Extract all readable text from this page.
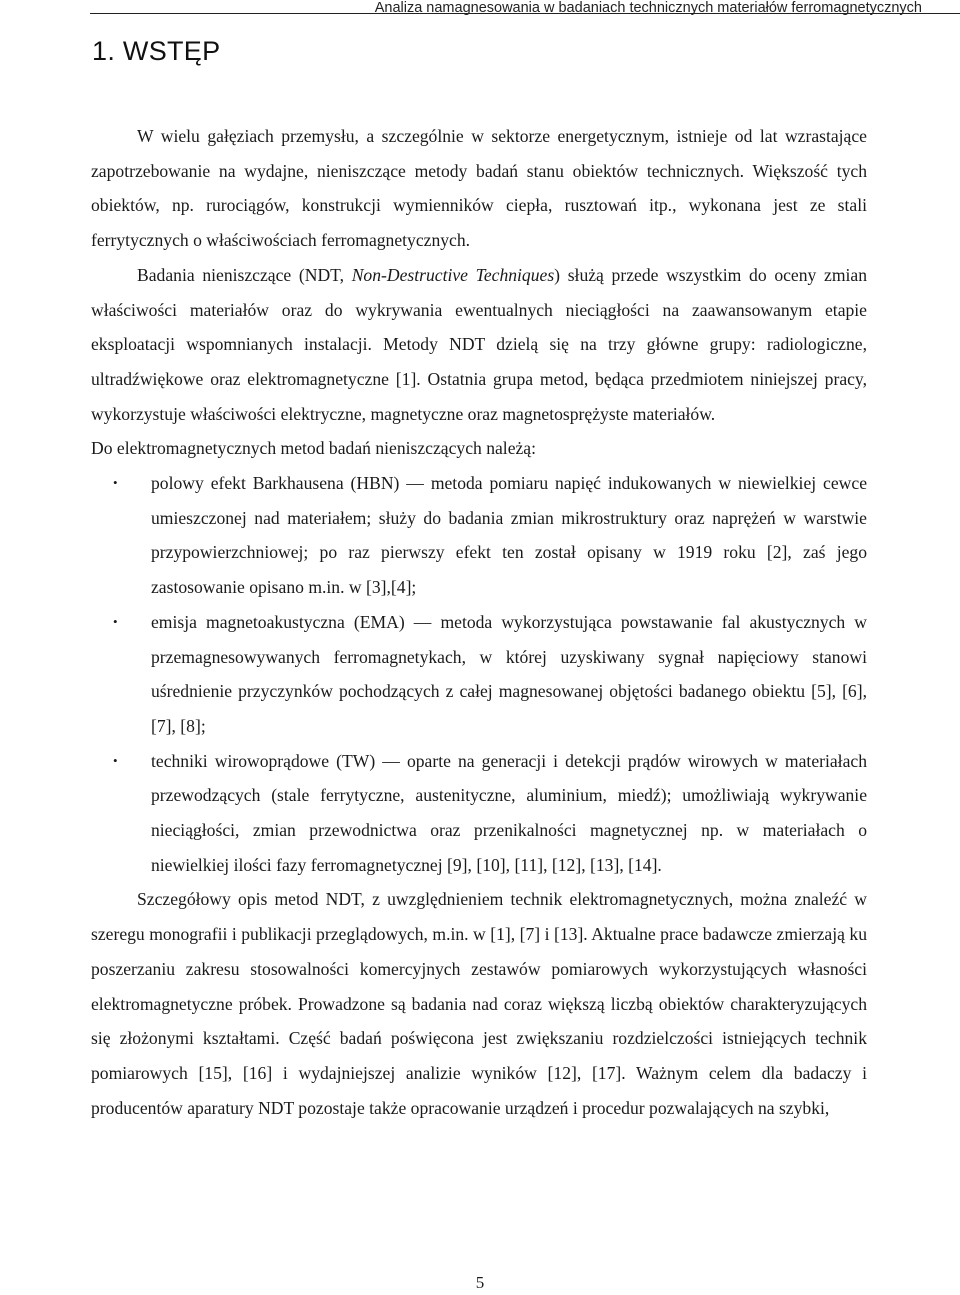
Analiza namagnesowania w badaniach technicznych materiałów ferromagnetycznych
1. WSTĘP

W wielu gałęziach przemysłu, a szczególnie w sektorze energetycznym, istnieje od lat wzrastające zapotrzebowanie na wydajne, nieniszczące metody badań stanu obiektów technicznych. Większość tych obiektów, np. rurociągów, konstrukcji wymienników ciepła, rusztowań itp., wykonana jest ze stali ferrytycznych o właściwościach ferromagnetycznych.

Badania nieniszczące (NDT, Non-Destructive Techniques) służą przede wszystkim do oceny zmian właściwości materiałów oraz do wykrywania ewentualnych nieciągłości na zaawansowanym etapie eksploatacji wspomnianych instalacji. Metody NDT dzielą się na trzy główne grupy: radiologiczne, ultradźwiękowe oraz elektromagnetyczne [1]. Ostatnia grupa metod, będąca przedmiotem niniejszej pracy, wykorzystuje właściwości elektryczne, magnetyczne oraz magnetosprężyste materiałów.

Do elektromagnetycznych metod badań nieniszczących należą:

• polowy efekt Barkhausena (HBN) — metoda pomiaru napięć indukowanych w niewielkiej cewce umieszczonej nad materiałem; służy do badania zmian mikrostruktury oraz naprężeń w warstwie przypowierzchniowej; po raz pierwszy efekt ten został opisany w 1919 roku [2], zaś jego zastosowanie opisano m.in. w [3],[4];
• emisja magnetoakustyczna (EMA) — metoda wykorzystująca powstawanie fal akustycznych w przemagnesowywanych ferromagnetykach, w której uzyskiwany sygnał napięciowy stanowi uśrednienie przyczynków pochodzących z całej magnesowanej objętości badanego obiektu [5], [6], [7], [8];
• techniki wirowoprądowe (TW) — oparte na generacji i detekcji prądów wirowych w materiałach przewodzących (stale ferrytyczne, austenityczne, aluminium, miedź); umożliwiają wykrywanie nieciągłości, zmian przewodnictwa oraz przenikalności magnetycznej np. w materiałach o niewielkiej ilości fazy ferromagnetycznej [9], [10], [11], [12], [13], [14].

Szczegółowy opis metod NDT, z uwzględnieniem technik elektromagnetycznych, można znaleźć w szeregu monografii i publikacji przeglądowych, m.in. w [1], [7] i [13]. Aktualne prace badawcze zmierzają ku poszerzaniu zakresu stosowalności komercyjnych zestawów pomiarowych wykorzystujących własności elektromagnetyczne próbek. Prowadzone są badania nad coraz większą liczbą obiektów charakteryzujących się złożonymi kształtami. Część badań poświęcona jest zwiększaniu rozdzielczości istniejących technik pomiarowych [15], [16] i wydajniejszej analizie wyników [12], [17]. Ważnym celem dla badaczy i producentów aparatury NDT pozostaje także opracowanie urządzeń i procedur pozwalających na szybki,

5
